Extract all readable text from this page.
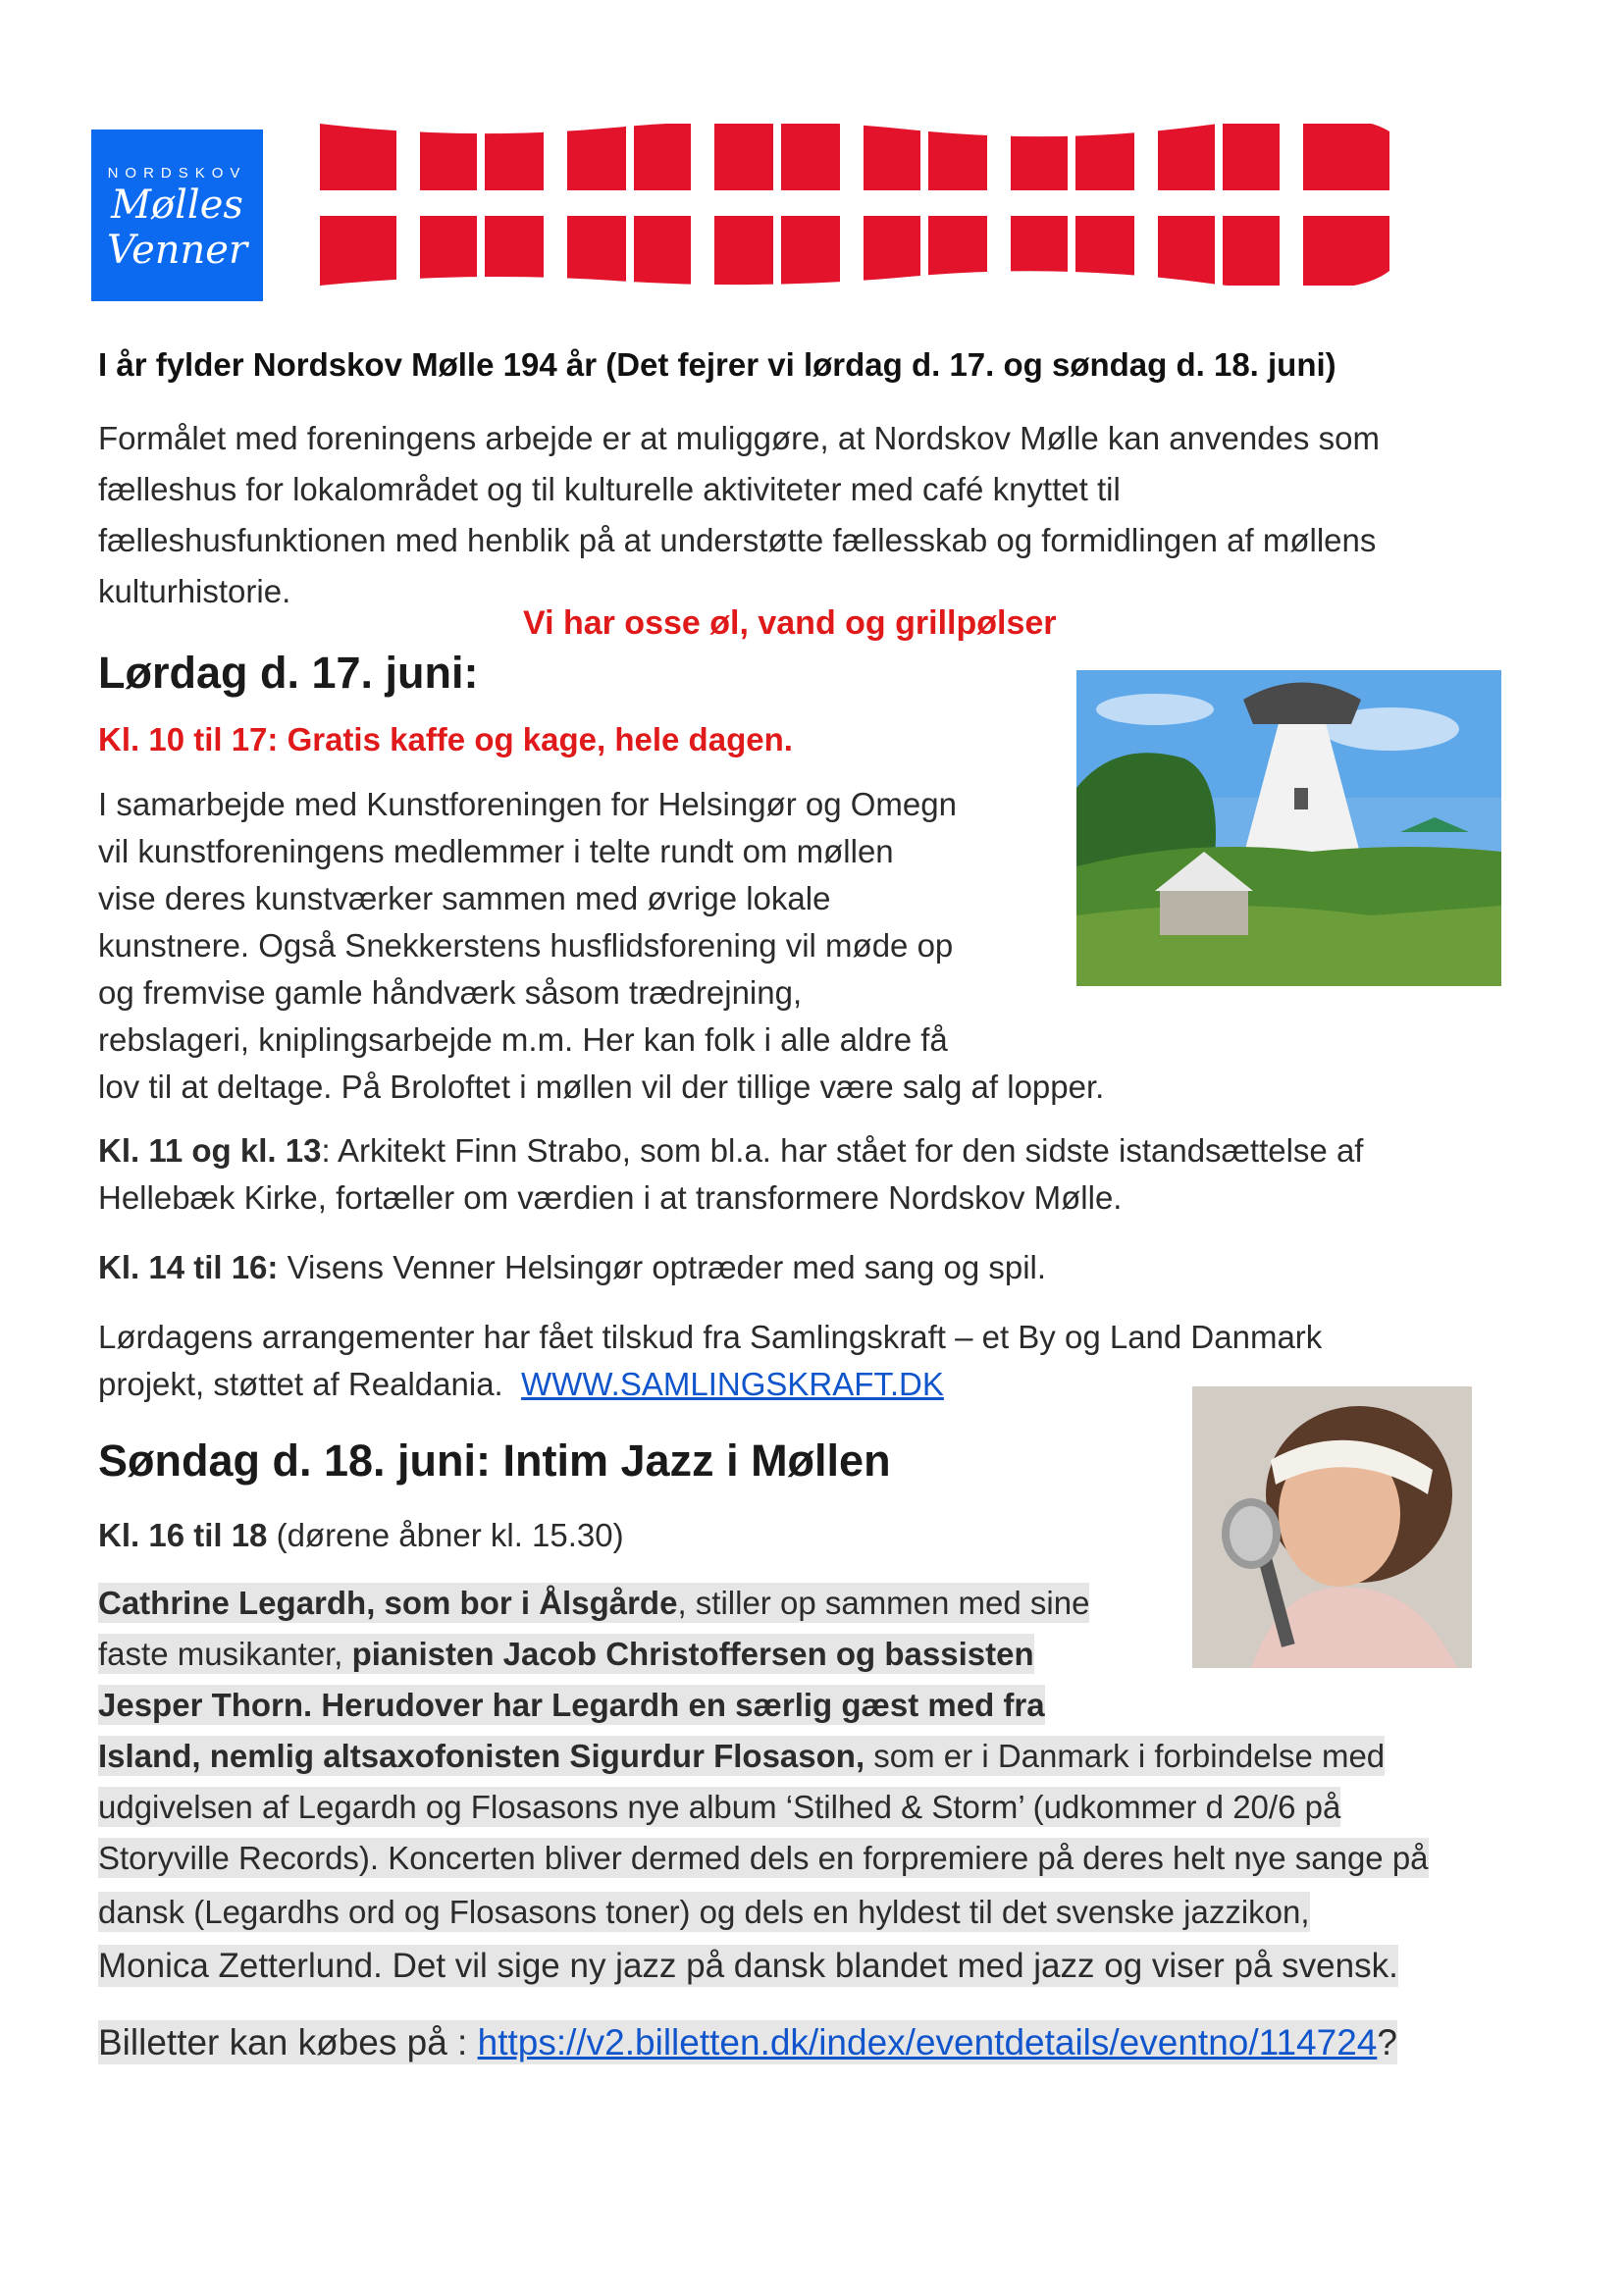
NORDSKOV
Mølles
Venner
I år fylder Nordskov Mølle 194 år (Det fejrer vi lørdag d. 17. og søndag d. 18. juni)
Formålet med foreningens arbejde er at muliggøre, at Nordskov Mølle kan anvendes som
fælleshus for lokalområdet og til kulturelle aktiviteter med café knyttet til
fælleshusfunktionen med henblik på at understøtte fællesskab og formidlingen af møllens
kulturhistorie.
Vi har osse øl, vand og grillpølser
Lørdag d. 17. juni:
Kl. 10 til 17: Gratis kaffe og kage, hele dagen.
I samarbejde med Kunstforeningen for Helsingør og Omegn
vil kunstforeningens medlemmer i telte rundt om møllen
vise deres kunstværker sammen med øvrige lokale
kunstnere. Også Snekkerstens husflidsforening vil møde op
og fremvise gamle håndværk såsom trædrejning,
rebslageri, kniplingsarbejde m.m. Her kan folk i alle aldre få
lov til at deltage. På Broloftet i møllen vil der tillige være salg af lopper.
Kl. 11 og kl. 13: Arkitekt Finn Strabo, som bl.a. har stået for den sidste istandsættelse af
Hellebæk Kirke, fortæller om værdien i at transformere Nordskov Mølle.
Kl. 14 til 16: Visens Venner Helsingør optræder med sang og spil.
Lørdagens arrangementer har fået tilskud fra Samlingskraft – et By og Land Danmark
projekt, støttet af Realdania.  WWW.SAMLINGSKRAFT.DK
Søndag d. 18. juni: Intim Jazz i Møllen
Kl. 16 til 18 (dørene åbner kl. 15.30)
Cathrine Legardh, som bor i Ålsgårde, stiller op sammen med sine
faste musikanter, pianisten Jacob Christoffersen og bassisten
Jesper Thorn. Herudover har Legardh en særlig gæst med fra
Island, nemlig altsaxofonisten Sigurdur Flosason, som er i Danmark i forbindelse med
udgivelsen af Legardh og Flosasons nye album ‘Stilhed & Storm’ (udkommer d 20/6 på
Storyville Records). Koncerten bliver dermed dels en forpremiere på deres helt nye sange på
dansk (Legardhs ord og Flosasons toner) og dels en hyldest til det svenske jazzikon,
Monica Zetterlund. Det vil sige ny jazz på dansk blandet med jazz og viser på svensk.
Billetter kan købes på : https://v2.billetten.dk/index/eventdetails/eventno/114724?
